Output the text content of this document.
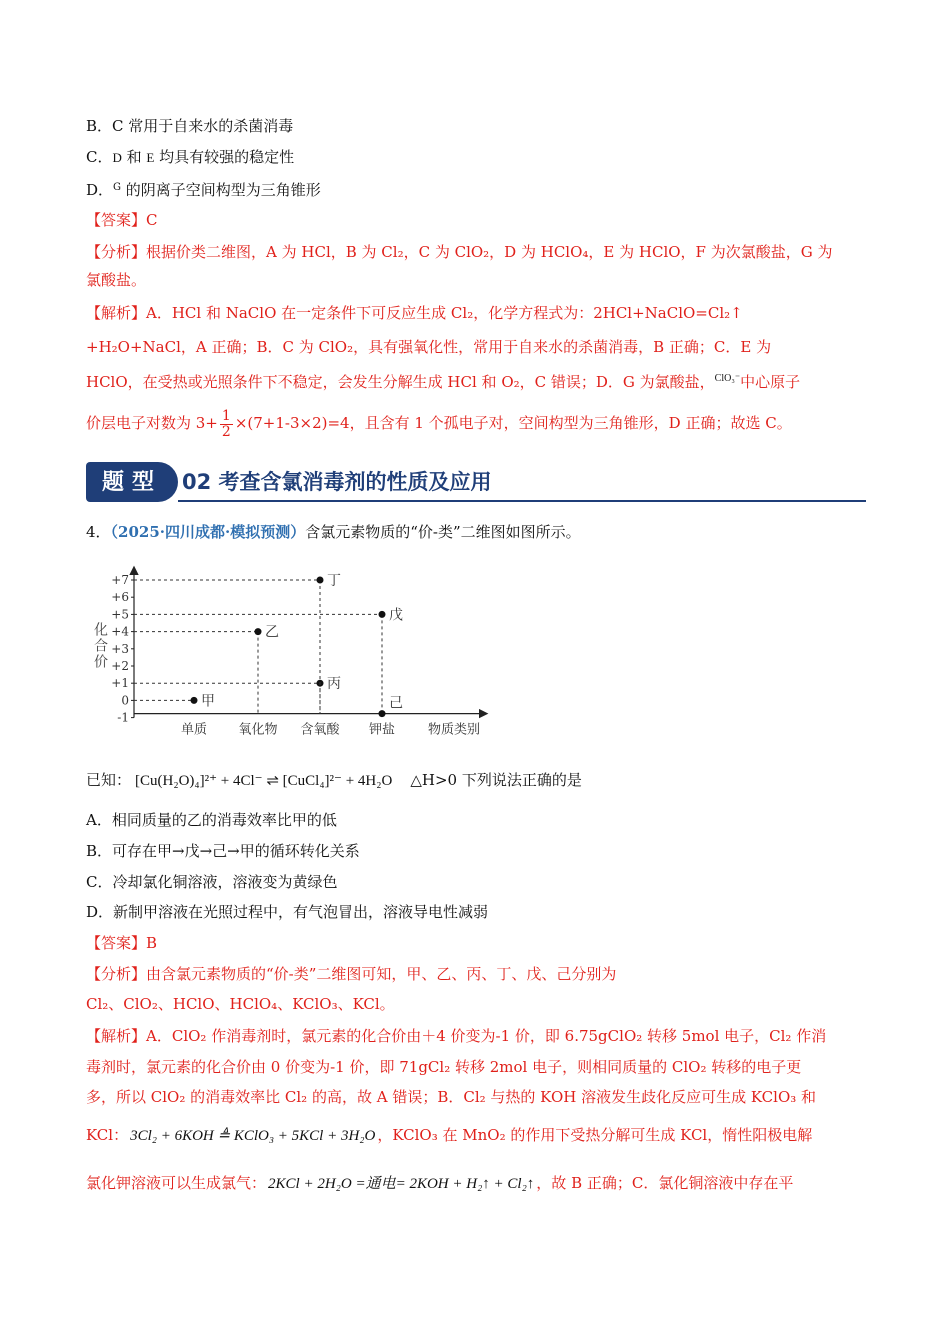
B．C 常用于自来水的杀菌消毒
C．D 和 E 均具有较强的稳定性
D．$^G$ 的阴离子空间构型为三角锥形
【答案】C
【分析】根据价类二维图，A 为 HCl，B 为 Cl₂，C 为 ClO₂，D 为 HClO₄，E 为 HClO，F 为次氯酸盐，G 为
氯酸盐。
【解析】A．HCl 和 NaClO 在一定条件下可反应生成 Cl₂，化学方程式为：2HCl+NaClO=Cl₂↑
+H₂O+NaCl，A 正确；B．C 为 ClO₂，具有强氧化性，常用于自来水的杀菌消毒，B 正确；C．E 为
HClO，在受热或光照条件下不稳定，会发生分解生成 HCl 和 O₂，C 错误；D．G 为氯酸盐，$^{ClO_3^-}$中心原子
价层电子对数为 $3+ \frac{1}{2} \times(7+1-3\times 2)=4$，且含有 1 个孤电子对，空间构型为三角锥形，D 正确；故选 C。
题型 02 考查含氯消毒剂的性质及应用
4．（2025·四川成都·模拟预测）含氯元素物质的“价-类”二维图如图所示。
化合价
+7
+6
+5
+4
+3
+2
+1
0
-1
单质 氧化物 含氧酸 钾盐	物质类别
甲
乙
丙
丁
戊
己
已知： [Cu(H₂O)₄]²⁺ + 4Cl⁻ ⇌ [CuCl₄]²⁻ + 4H₂O △H>0 下列说法正确的是
A．相同质量的乙的消毒效率比甲的低
B．可存在甲→戊→己→甲的循环转化关系
C．冷却氯化铜溶液，溶液变为黄绿色
D．新制甲溶液在光照过程中，有气泡冒出，溶液导电性减弱
【答案】B
【分析】由含氯元素物质的“价-类”二维图可知，甲、乙、丙、丁、戊、己分别为
Cl₂、ClO₂、HClO、HClO₄、KClO₃、KCl。
【解析】A．ClO₂ 作消毒剂时，氯元素的化合价由＋4 价变为-1 价，即 6.75gClO₂ 转移 5mol 电子，Cl₂ 作消
毒剂时，氯元素的化合价由 0 价变为-1 价，即 71gCl₂ 转移 2mol 电子，则相同质量的 ClO₂ 转移的电子更
多，所以 ClO₂ 的消毒效率比 Cl₂ 的高，故 A 错误；B．Cl₂ 与热的 KOH 溶液发生歧化反应可生成 KClO₃ 和
KCl： 3Cl₂ + 6KOH ≜ KClO₃ + 5KCl + 3H₂O ，KClO₃ 在 MnO₂ 的作用下受热分解可生成 KCl，惰性阳极电解
氯化钾溶液可以生成氯气： 2KCl + 2H₂O =通电= 2KOH + H₂↑ + Cl₂↑ ，故 B 正确；C．氯化铜溶液中存在平
